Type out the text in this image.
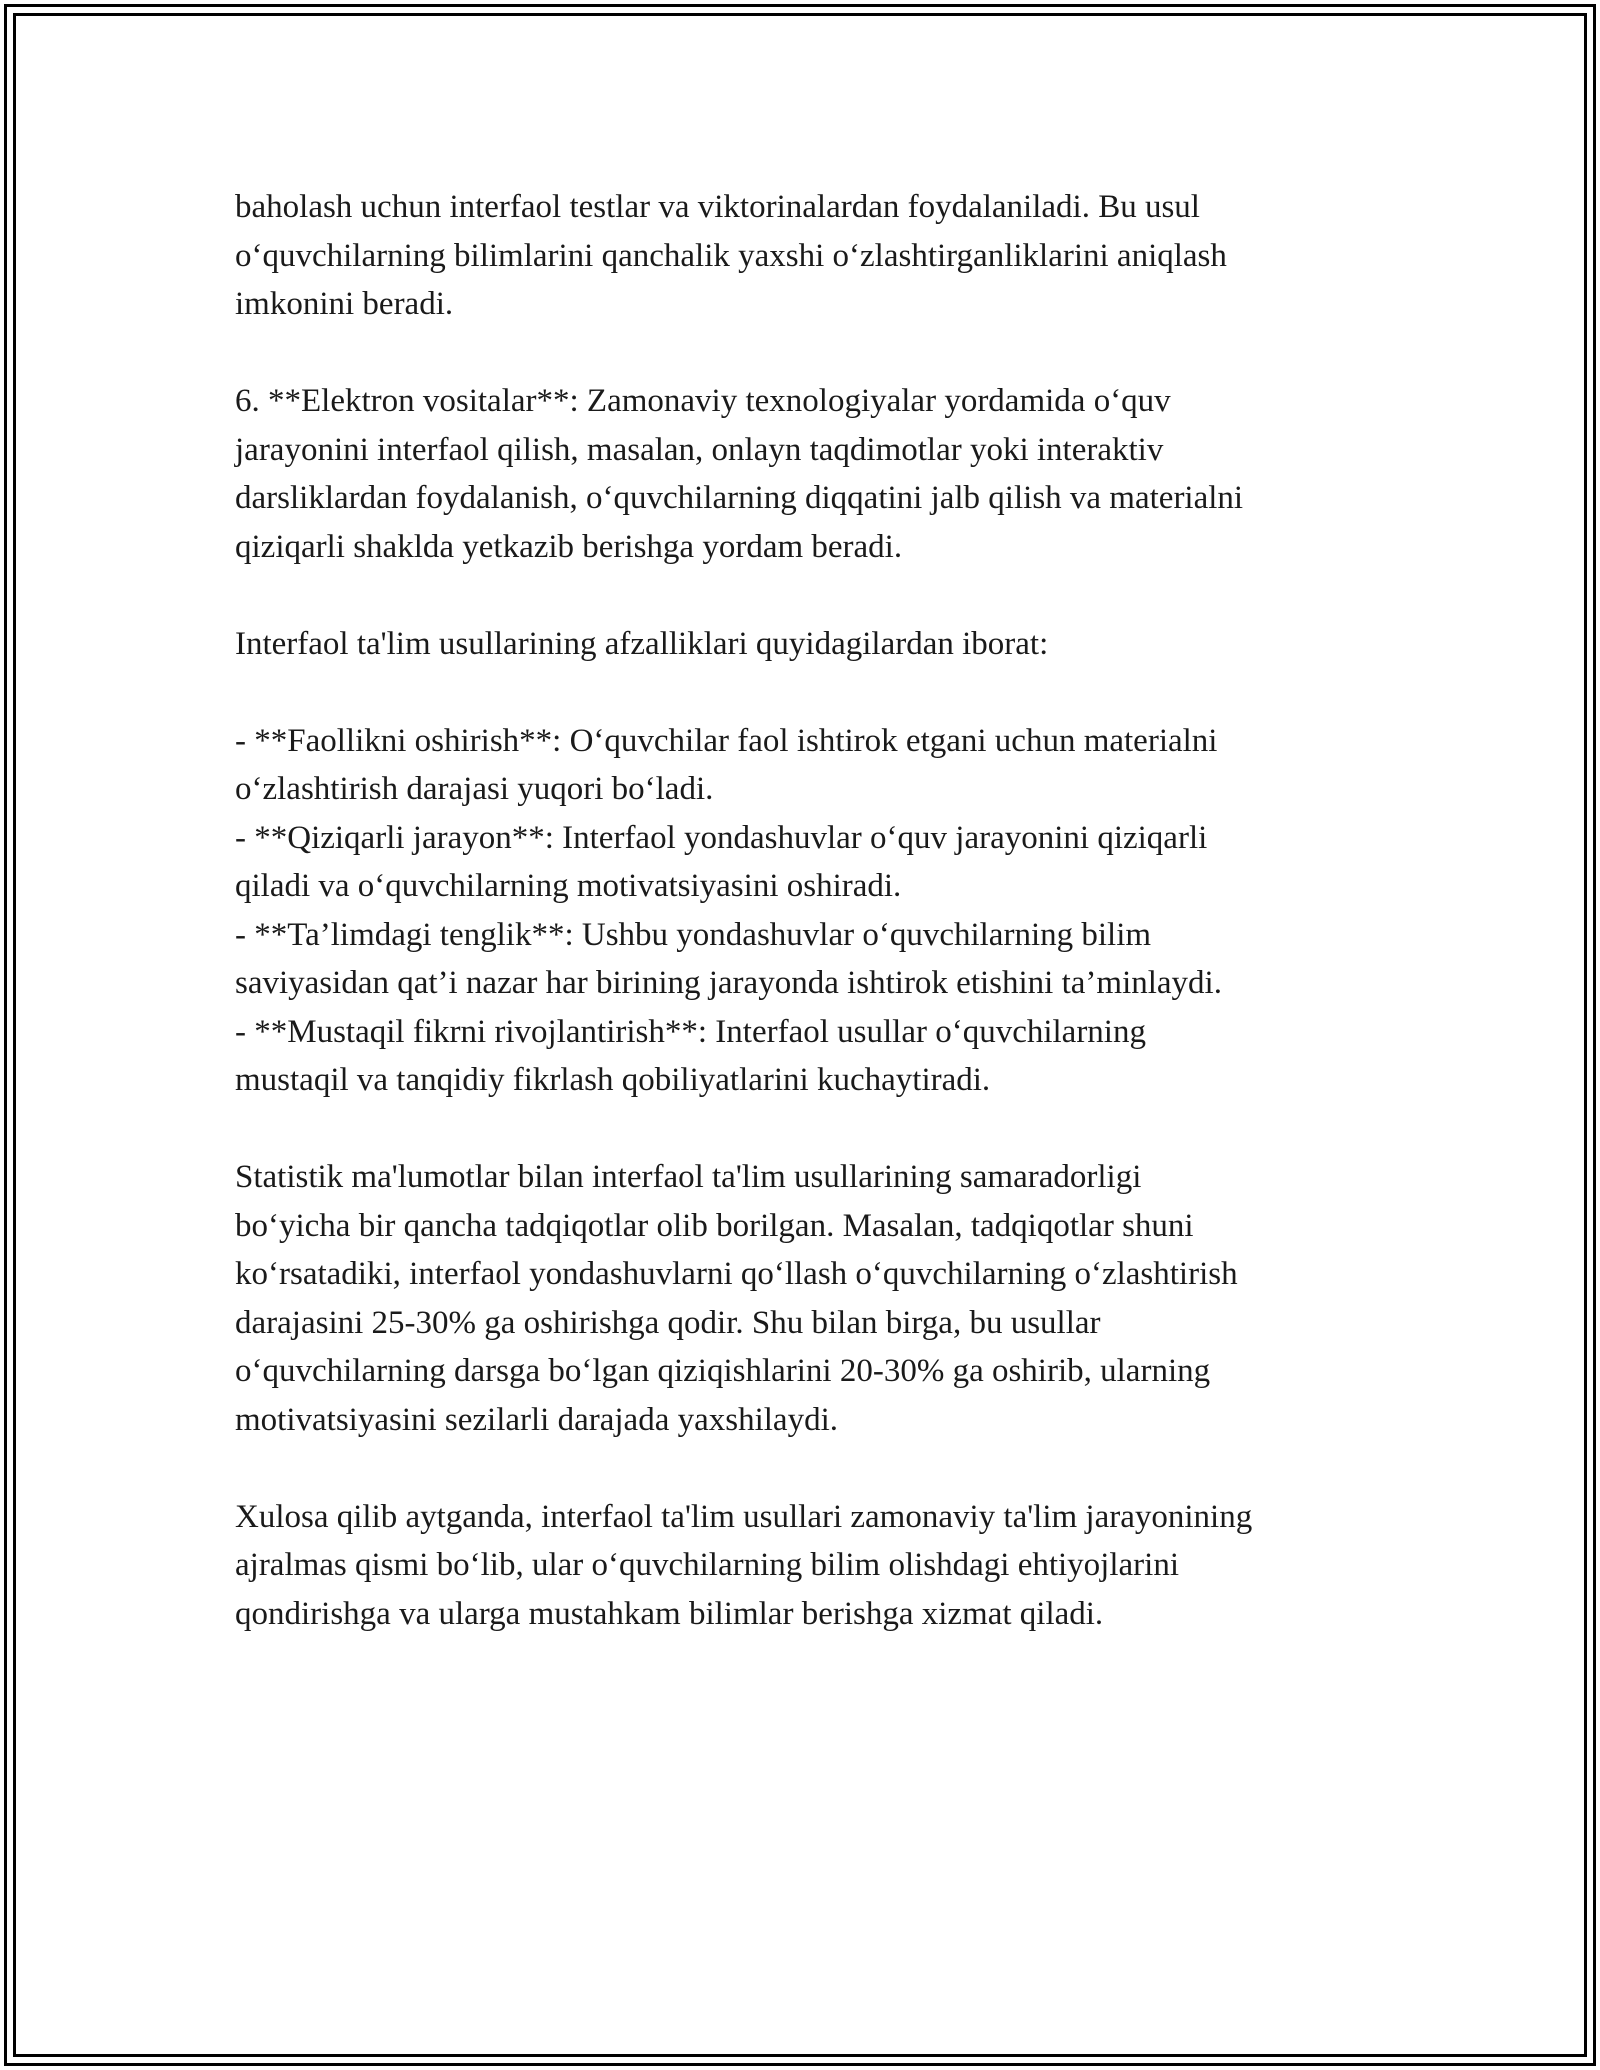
baholash uchun interfaol testlar va viktorinalardan foydalaniladi. Bu usul

o‘quvchilarning bilimlarini qanchalik yaxshi o‘zlashtirganliklarini aniqlash

imkonini beradi.

6. **Elektron vositalar**: Zamonaviy texnologiyalar yordamida o‘quv

jarayonini interfaol qilish, masalan, onlayn taqdimotlar yoki interaktiv

darsliklardan foydalanish, o‘quvchilarning diqqatini jalb qilish va materialni

qiziqarli shaklda yetkazib berishga yordam beradi.

Interfaol ta'lim usullarining afzalliklari quyidagilardan iborat:

- **Faollikni oshirish**: O‘quvchilar faol ishtirok etgani uchun materialni

o‘zlashtirish darajasi yuqori bo‘ladi.

- **Qiziqarli jarayon**: Interfaol yondashuvlar o‘quv jarayonini qiziqarli

qiladi va o‘quvchilarning motivatsiyasini oshiradi.

- **Ta’limdagi tenglik**: Ushbu yondashuvlar o‘quvchilarning bilim

saviyasidan qat’i nazar har birining jarayonda ishtirok etishini ta’minlaydi.

- **Mustaqil fikrni rivojlantirish**: Interfaol usullar o‘quvchilarning

mustaqil va tanqidiy fikrlash qobiliyatlarini kuchaytiradi.

Statistik ma'lumotlar bilan interfaol ta'lim usullarining samaradorligi

bo‘yicha bir qancha tadqiqotlar olib borilgan. Masalan, tadqiqotlar shuni

ko‘rsatadiki, interfaol yondashuvlarni qo‘llash o‘quvchilarning o‘zlashtirish

darajasini 25-30% ga oshirishga qodir. Shu bilan birga, bu usullar

o‘quvchilarning darsga bo‘lgan qiziqishlarini 20-30% ga oshirib, ularning

motivatsiyasini sezilarli darajada yaxshilaydi.

Xulosa qilib aytganda, interfaol ta'lim usullari zamonaviy ta'lim jarayonining

ajralmas qismi bo‘lib, ular o‘quvchilarning bilim olishdagi ehtiyojlarini

qondirishga va ularga mustahkam bilimlar berishga xizmat qiladi.
